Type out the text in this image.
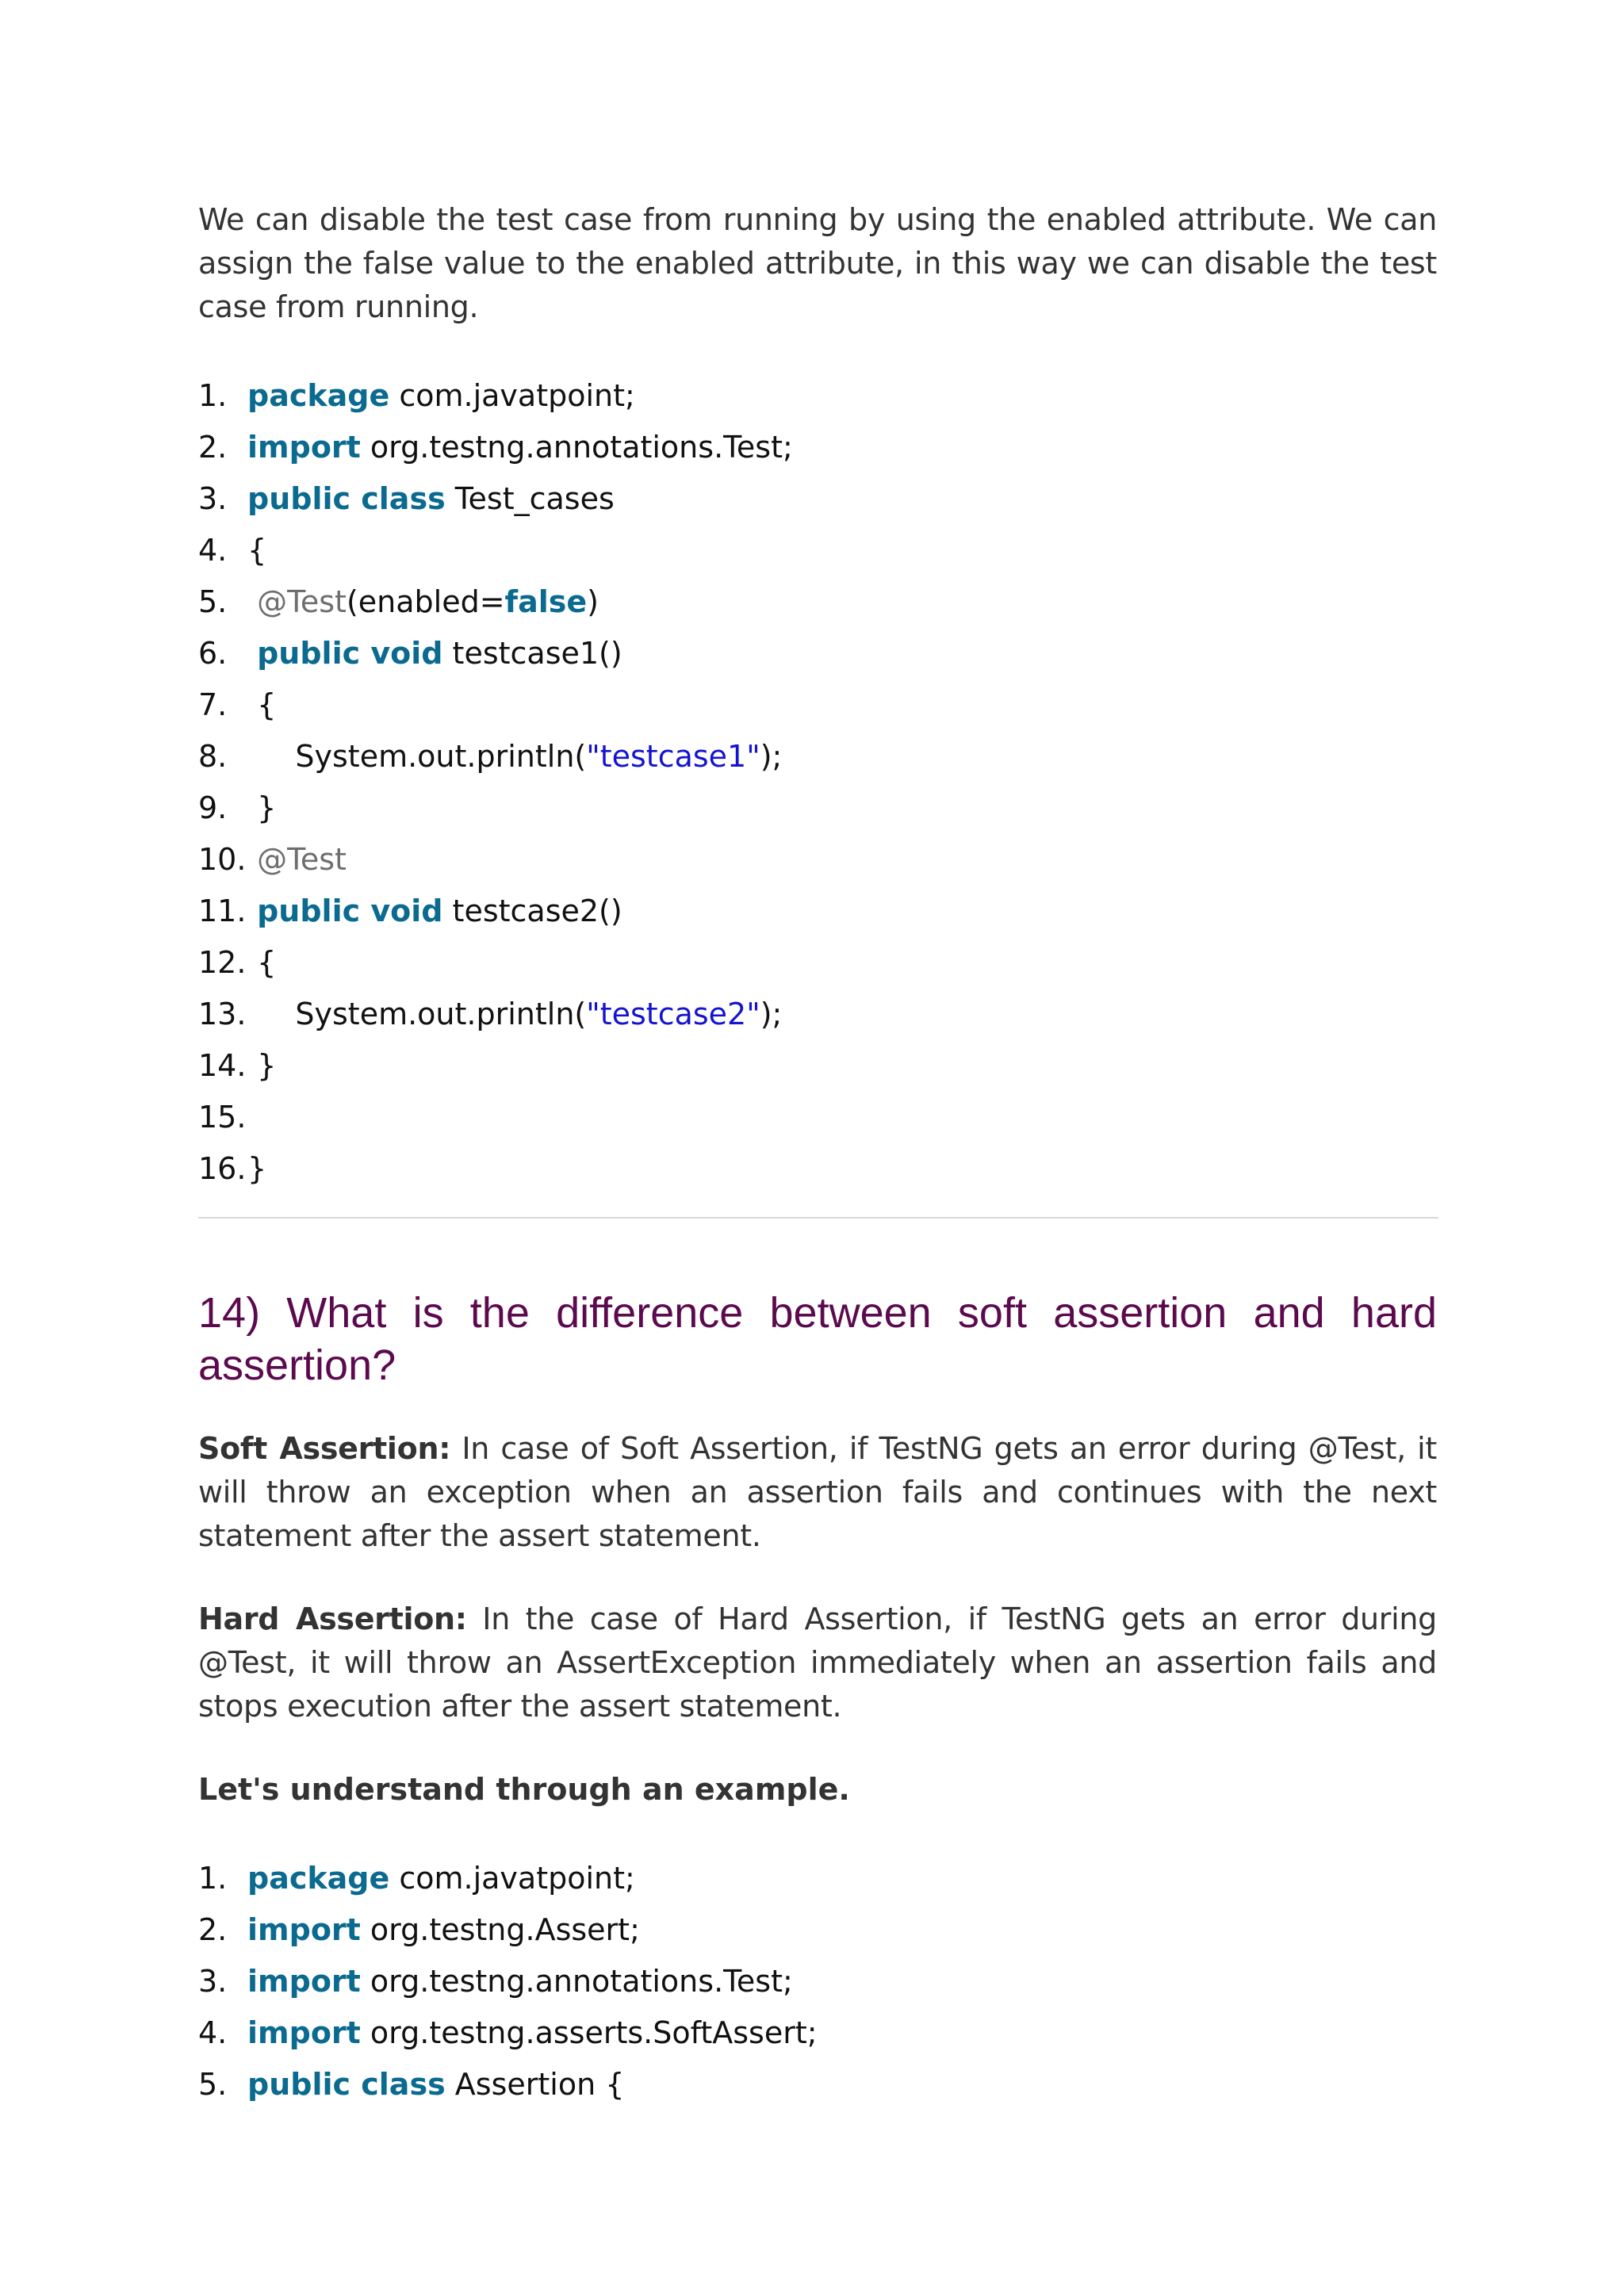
We can disable the test case from running by using the enabled attribute. We can assign the false value to the enabled attribute, in this way we can disable the test case from running.

1. package com.javatpoint;
2. import org.testng.annotations.Test;
3. public class Test_cases
4. {
5. @Test(enabled=false)
6. public void testcase1()
7. {
8. System.out.println("testcase1");
9. }
10. @Test
11. public void testcase2()
12. {
13. System.out.println("testcase2");
14. }
15.
16. }
14) What is the difference between soft assertion and hard assertion?

Soft Assertion: In case of Soft Assertion, if TestNG gets an error during @Test, it will throw an exception when an assertion fails and continues with the next statement after the assert statement.

Hard Assertion: In the case of Hard Assertion, if TestNG gets an error during @Test, it will throw an AssertException immediately when an assertion fails and stops execution after the assert statement.

Let's understand through an example.

1. package com.javatpoint;
2. import org.testng.Assert;
3. import org.testng.annotations.Test;
4. import org.testng.asserts.SoftAssert;
5. public class Assertion {
